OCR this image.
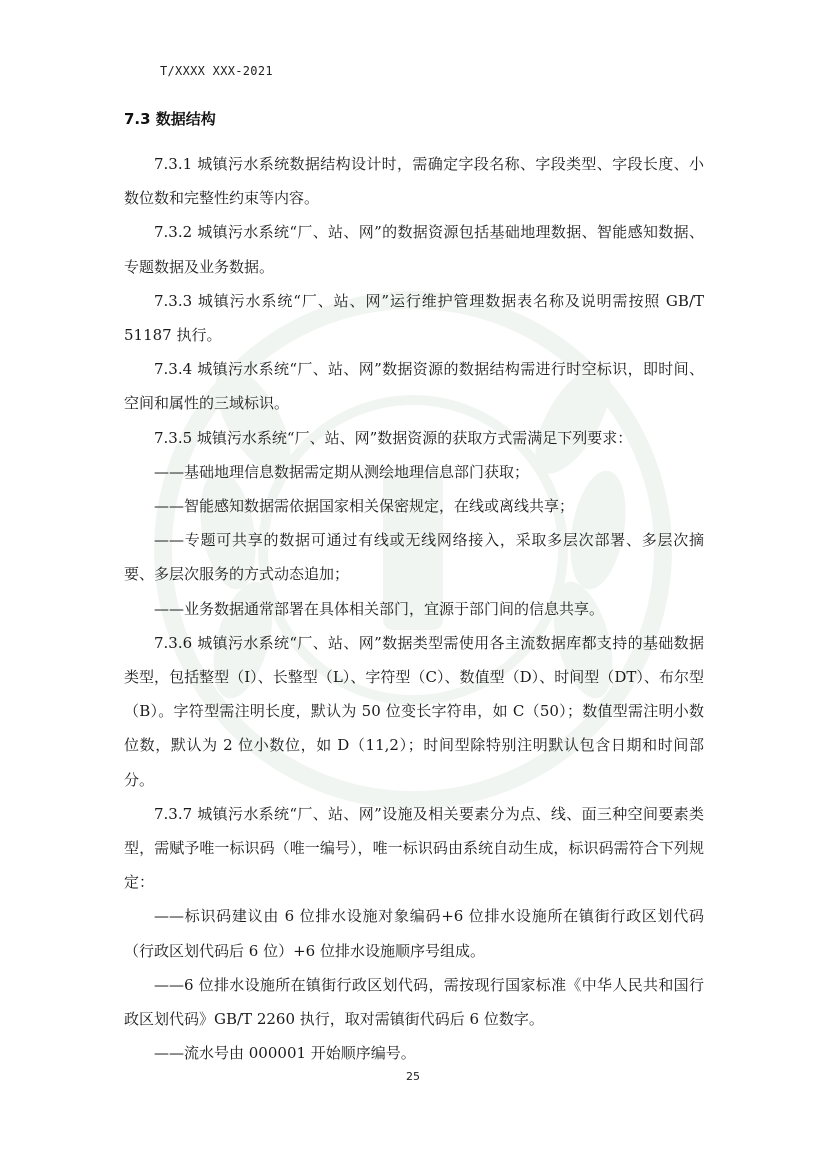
T/XXXX XXX-2021
7.3 数据结构

7.3.1 城镇污水系统数据结构设计时，需确定字段名称、字段类型、字段长度、小数位数和完整性约束等内容。

7.3.2 城镇污水系统“厂、站、网”的数据资源包括基础地理数据、智能感知数据、专题数据及业务数据。

7.3.3 城镇污水系统“厂、站、网”运行维护管理数据表名称及说明需按照 GB/T 51187 执行。

7.3.4 城镇污水系统“厂、站、网”数据资源的数据结构需进行时空标识，即时间、空间和属性的三域标识。

7.3.5 城镇污水系统“厂、站、网”数据资源的获取方式需满足下列要求：

——基础地理信息数据需定期从测绘地理信息部门获取；

——智能感知数据需依据国家相关保密规定，在线或离线共享；

——专题可共享的数据可通过有线或无线网络接入，采取多层次部署、多层次摘要、多层次服务的方式动态追加；

——业务数据通常部署在具体相关部门，宜源于部门间的信息共享。

7.3.6 城镇污水系统“厂、站、网”数据类型需使用各主流数据库都支持的基础数据类型，包括整型（I）、长整型（L）、字符型（C）、数值型（D）、时间型（DT）、布尔型（B）。字符型需注明长度，默认为 50 位变长字符串，如 C（50）；数值型需注明小数位数，默认为 2 位小数位，如 D（11,2）；时间型除特别注明默认包含日期和时间部分。

7.3.7 城镇污水系统“厂、站、网”设施及相关要素分为点、线、面三种空间要素类型，需赋予唯一标识码（唯一编号），唯一标识码由系统自动生成，标识码需符合下列规定：

——标识码建议由 6 位排水设施对象编码+6 位排水设施所在镇街行政区划代码（行政区划代码后 6 位）+6 位排水设施顺序号组成。

——6 位排水设施所在镇街行政区划代码，需按现行国家标准《中华人民共和国行政区划代码》GB/T 2260 执行，取对需镇街代码后 6 位数字。

——流水号由 000001 开始顺序编号。

25
